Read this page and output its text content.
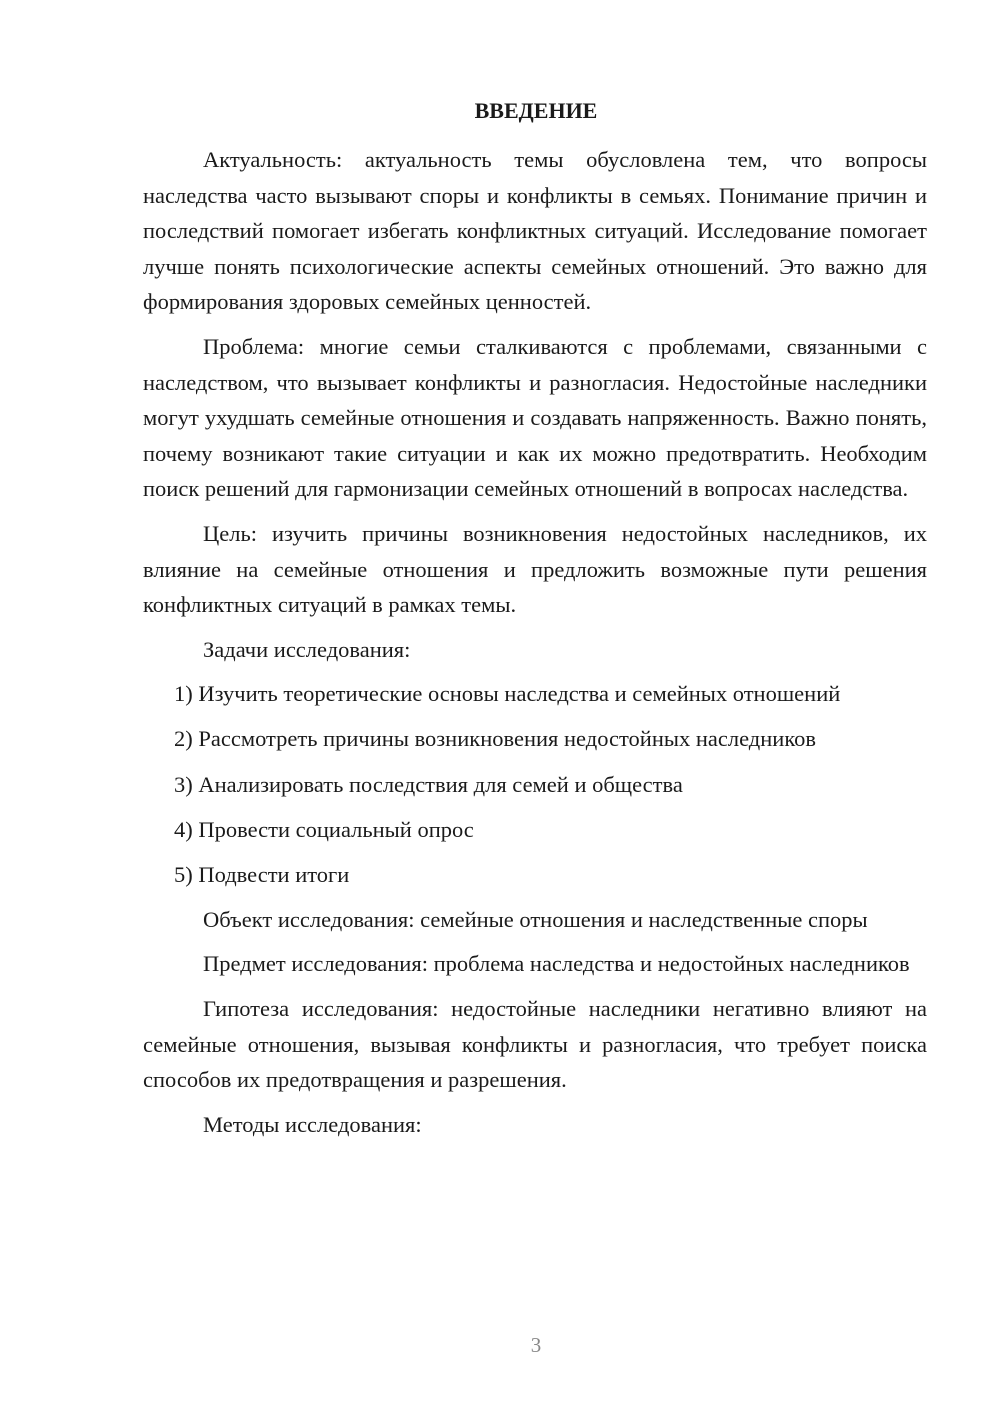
ВВЕДЕНИЕ

Актуальность: актуальность темы обусловлена тем, что вопросы наследства часто вызывают споры и конфликты в семьях. Понимание причин и последствий помогает избегать конфликтных ситуаций. Исследование помогает лучше понять психологические аспекты семейных отношений. Это важно для формирования здоровых семейных ценностей.

Проблема: многие семьи сталкиваются с проблемами, связанными с наследством, что вызывает конфликты и разногласия. Недостойные наследники могут ухудшать семейные отношения и создавать напряженность. Важно понять, почему возникают такие ситуации и как их можно предотвратить. Необходим поиск решений для гармонизации семейных отношений в вопросах наследства.

Цель: изучить причины возникновения недостойных наследников, их влияние на семейные отношения и предложить возможные пути решения конфликтных ситуаций в рамках темы.

Задачи исследования:

1) Изучить теоретические основы наследства и семейных отношений

2) Рассмотреть причины возникновения недостойных наследников

3) Анализировать последствия для семей и общества

4) Провести социальный опрос

5) Подвести итоги

Объект исследования: семейные отношения и наследственные споры

Предмет исследования: проблема наследства и недостойных наследников

Гипотеза исследования: недостойные наследники негативно влияют на семейные отношения, вызывая конфликты и разногласия, что требует поиска способов их предотвращения и разрешения.

Методы исследования:

3
